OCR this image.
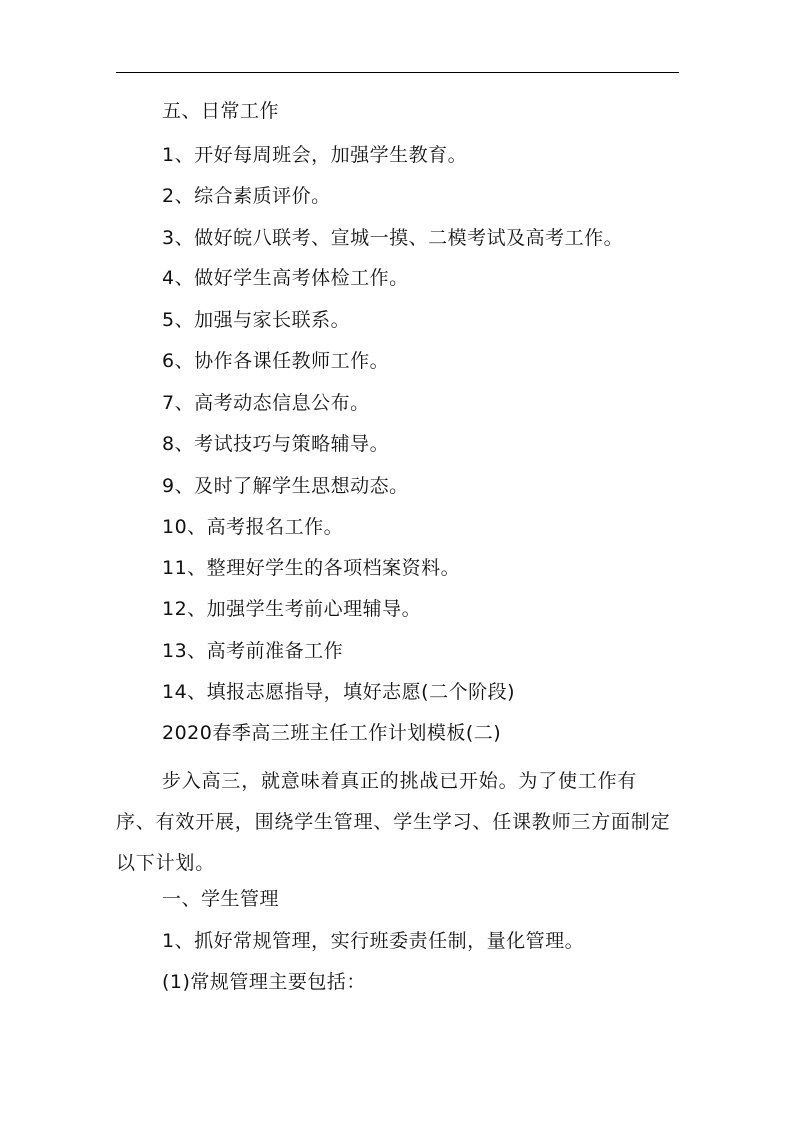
五、日常工作
1、开好每周班会，加强学生教育。
2、综合素质评价。
3、做好皖八联考、宣城一摸、二模考试及高考工作。
4、做好学生高考体检工作。
5、加强与家长联系。
6、协作各课任教师工作。
7、高考动态信息公布。
8、考试技巧与策略辅导。
9、及时了解学生思想动态。
10、高考报名工作。
11、整理好学生的各项档案资料。
12、加强学生考前心理辅导。
13、高考前准备工作
14、填报志愿指导，填好志愿(二个阶段)
2020春季高三班主任工作计划模板(二)
步入高三，就意味着真正的挑战已开始。为了使工作有序、有效开展，围绕学生管理、学生学习、任课教师三方面制定以下计划。
一、学生管理
1、抓好常规管理，实行班委责任制，量化管理。
(1)常规管理主要包括：
